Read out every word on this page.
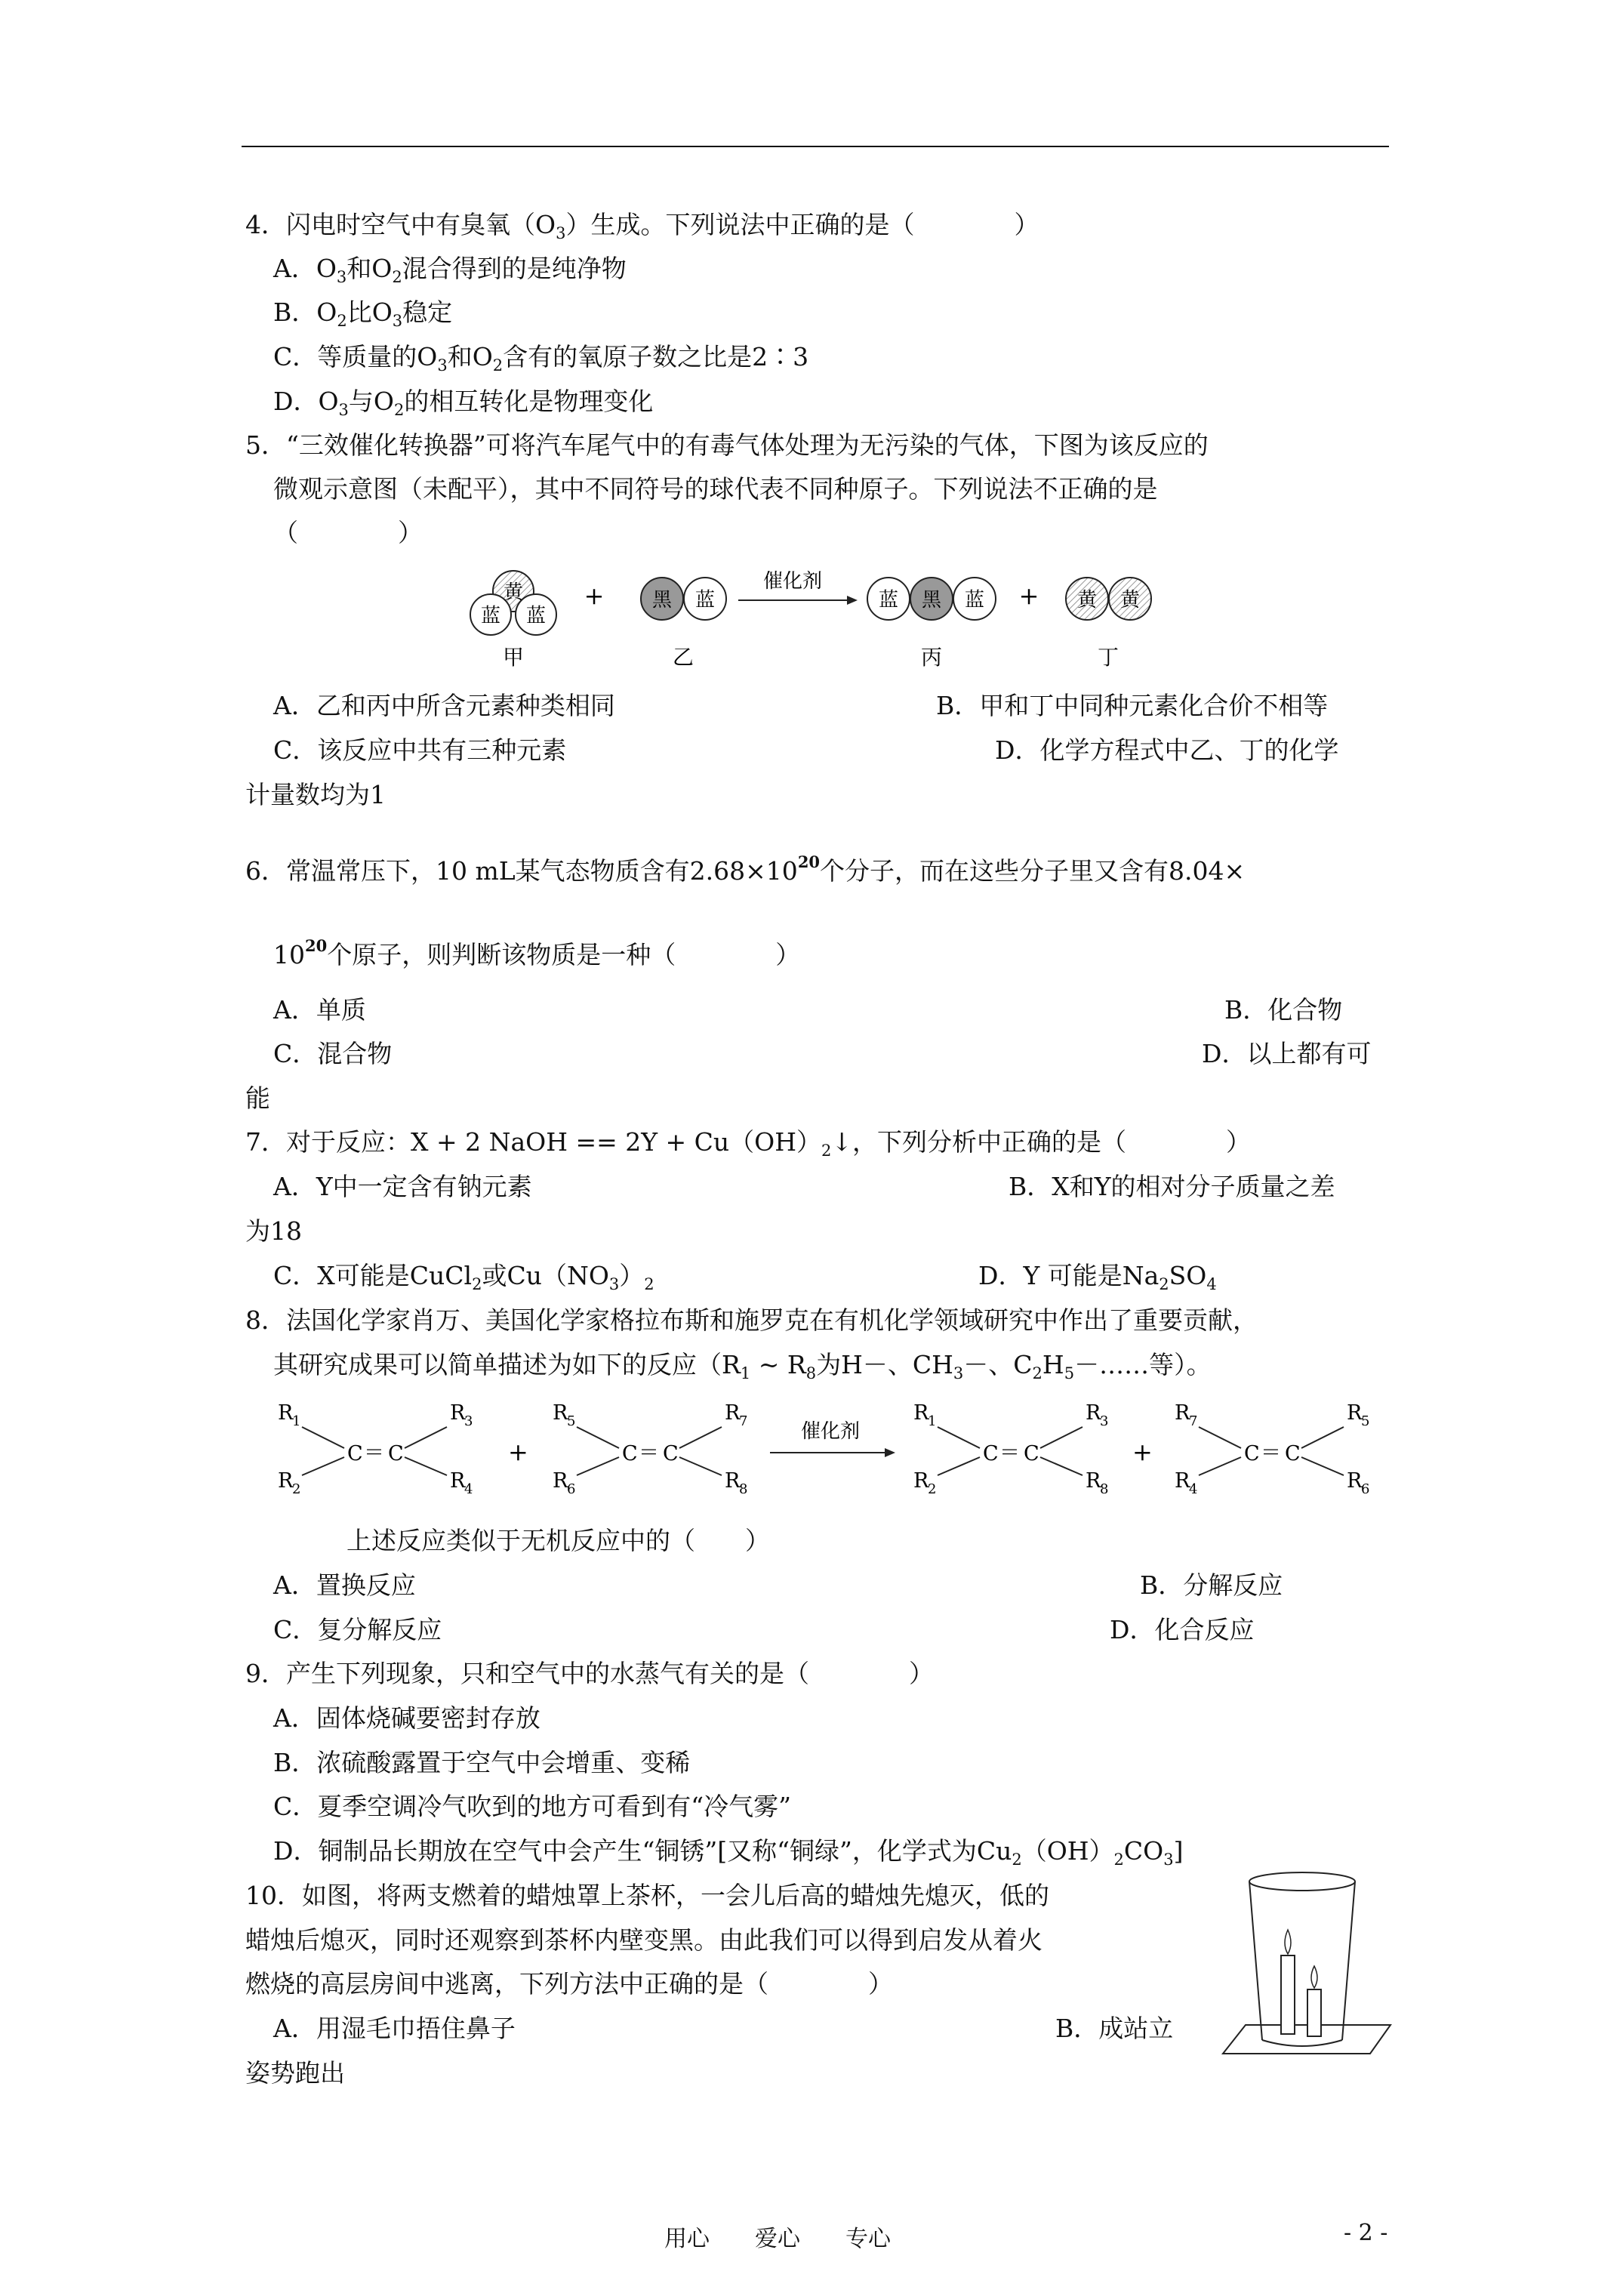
4．闪电时空气中有臭氧$(O_3)$生成。下列说法中正确的是（　　　　）
A．$O_3$和$O_2$混合得到的是纯净物
B．$O_2$比$O_3$稳定
C．等质量的$O_3$和$O_2$含有的氧原子数之比是2∶3
D．$O_3$与$O_2$的相互转化是物理变化
5．“三效催化转换器”可将汽车尾气中的有毒气体处理为无污染的气体，下图为该反应的
微观示意图（未配平），其中不同符号的球代表不同种原子。下列说法不正确的是
（　　　　）
黄
蓝 蓝
甲
+ 黑 蓝
乙
催化剂
蓝 黑 蓝
丙
+ 黄 黄
丁
A．乙和丙中所含元素种类相同	B．甲和丁中同种元素化合价不相等
C．该反应中共有三种元素	D．化学方程式中乙、丁的化学
计量数均为1
6．常温常压下，10 mL某气态物质含有$2.68\times 10^{20}$个分子，而在这些分子里又含有8.04×
$10^{20}$个原子，则判断该物质是一种（　　　　）
A．单质	B．化合物
C．混合物	D．以上都有可
能
7．对于反应：X + 2 NaOH == $2Y + Cu(OH)_2↓$，下列分析中正确的是（　　　　）
A．Y中一定含有钠元素	B．X和Y的相对分子质量之差
为18
C．X可能是CuCl$_2$或$Cu(NO_3)_2$	D．Y 可能是$Na_2SO_4$
8．法国化学家肖万、美国化学家格拉布斯和施罗克在有机化学领域研究中作出了重要贡献，
其研究成果可以简单描述为如下的反应（$R_1$ ~ $R_8$为H－、$CH_3-$、$C_2H_5-\dots\dots$等）。
R
1
R
2
C ＝ C
R
3
R
4
+
R
5
R
6
C ＝ C
R
7
R
8
催化剂
R
1
R
2
C ＝ C
R
3
R
8
+
R
7
R
4
C ＝ C
R
5
R
6
上述反应类似于无机反应中的（　　）
A．置换反应	B．分解反应
C．复分解反应	D．化合反应
9．产生下列现象，只和空气中的水蒸气有关的是（　　　　）
A．固体烧碱要密封存放
B．浓硫酸露置于空气中会增重、变稀
C．夏季空调冷气吹到的地方可看到有“冷气雾”
D．铜制品长期放在空气中会产生“铜锈”[又称“铜绿”，化学式为$Cu_2(OH)_2CO_3$]
10．如图，将两支燃着的蜡烛罩上茶杯，一会儿后高的蜡烛先熄灭，低的
蜡烛后熄灭，同时还观察到茶杯内壁变黑。由此我们可以得到启发从着火
燃烧的高层房间中逃离，下列方法中正确的是（　　　　）
A．用湿毛巾捂住鼻子	B．成站立
姿势跑出
用心　　爱心　　专心	- 2 -
